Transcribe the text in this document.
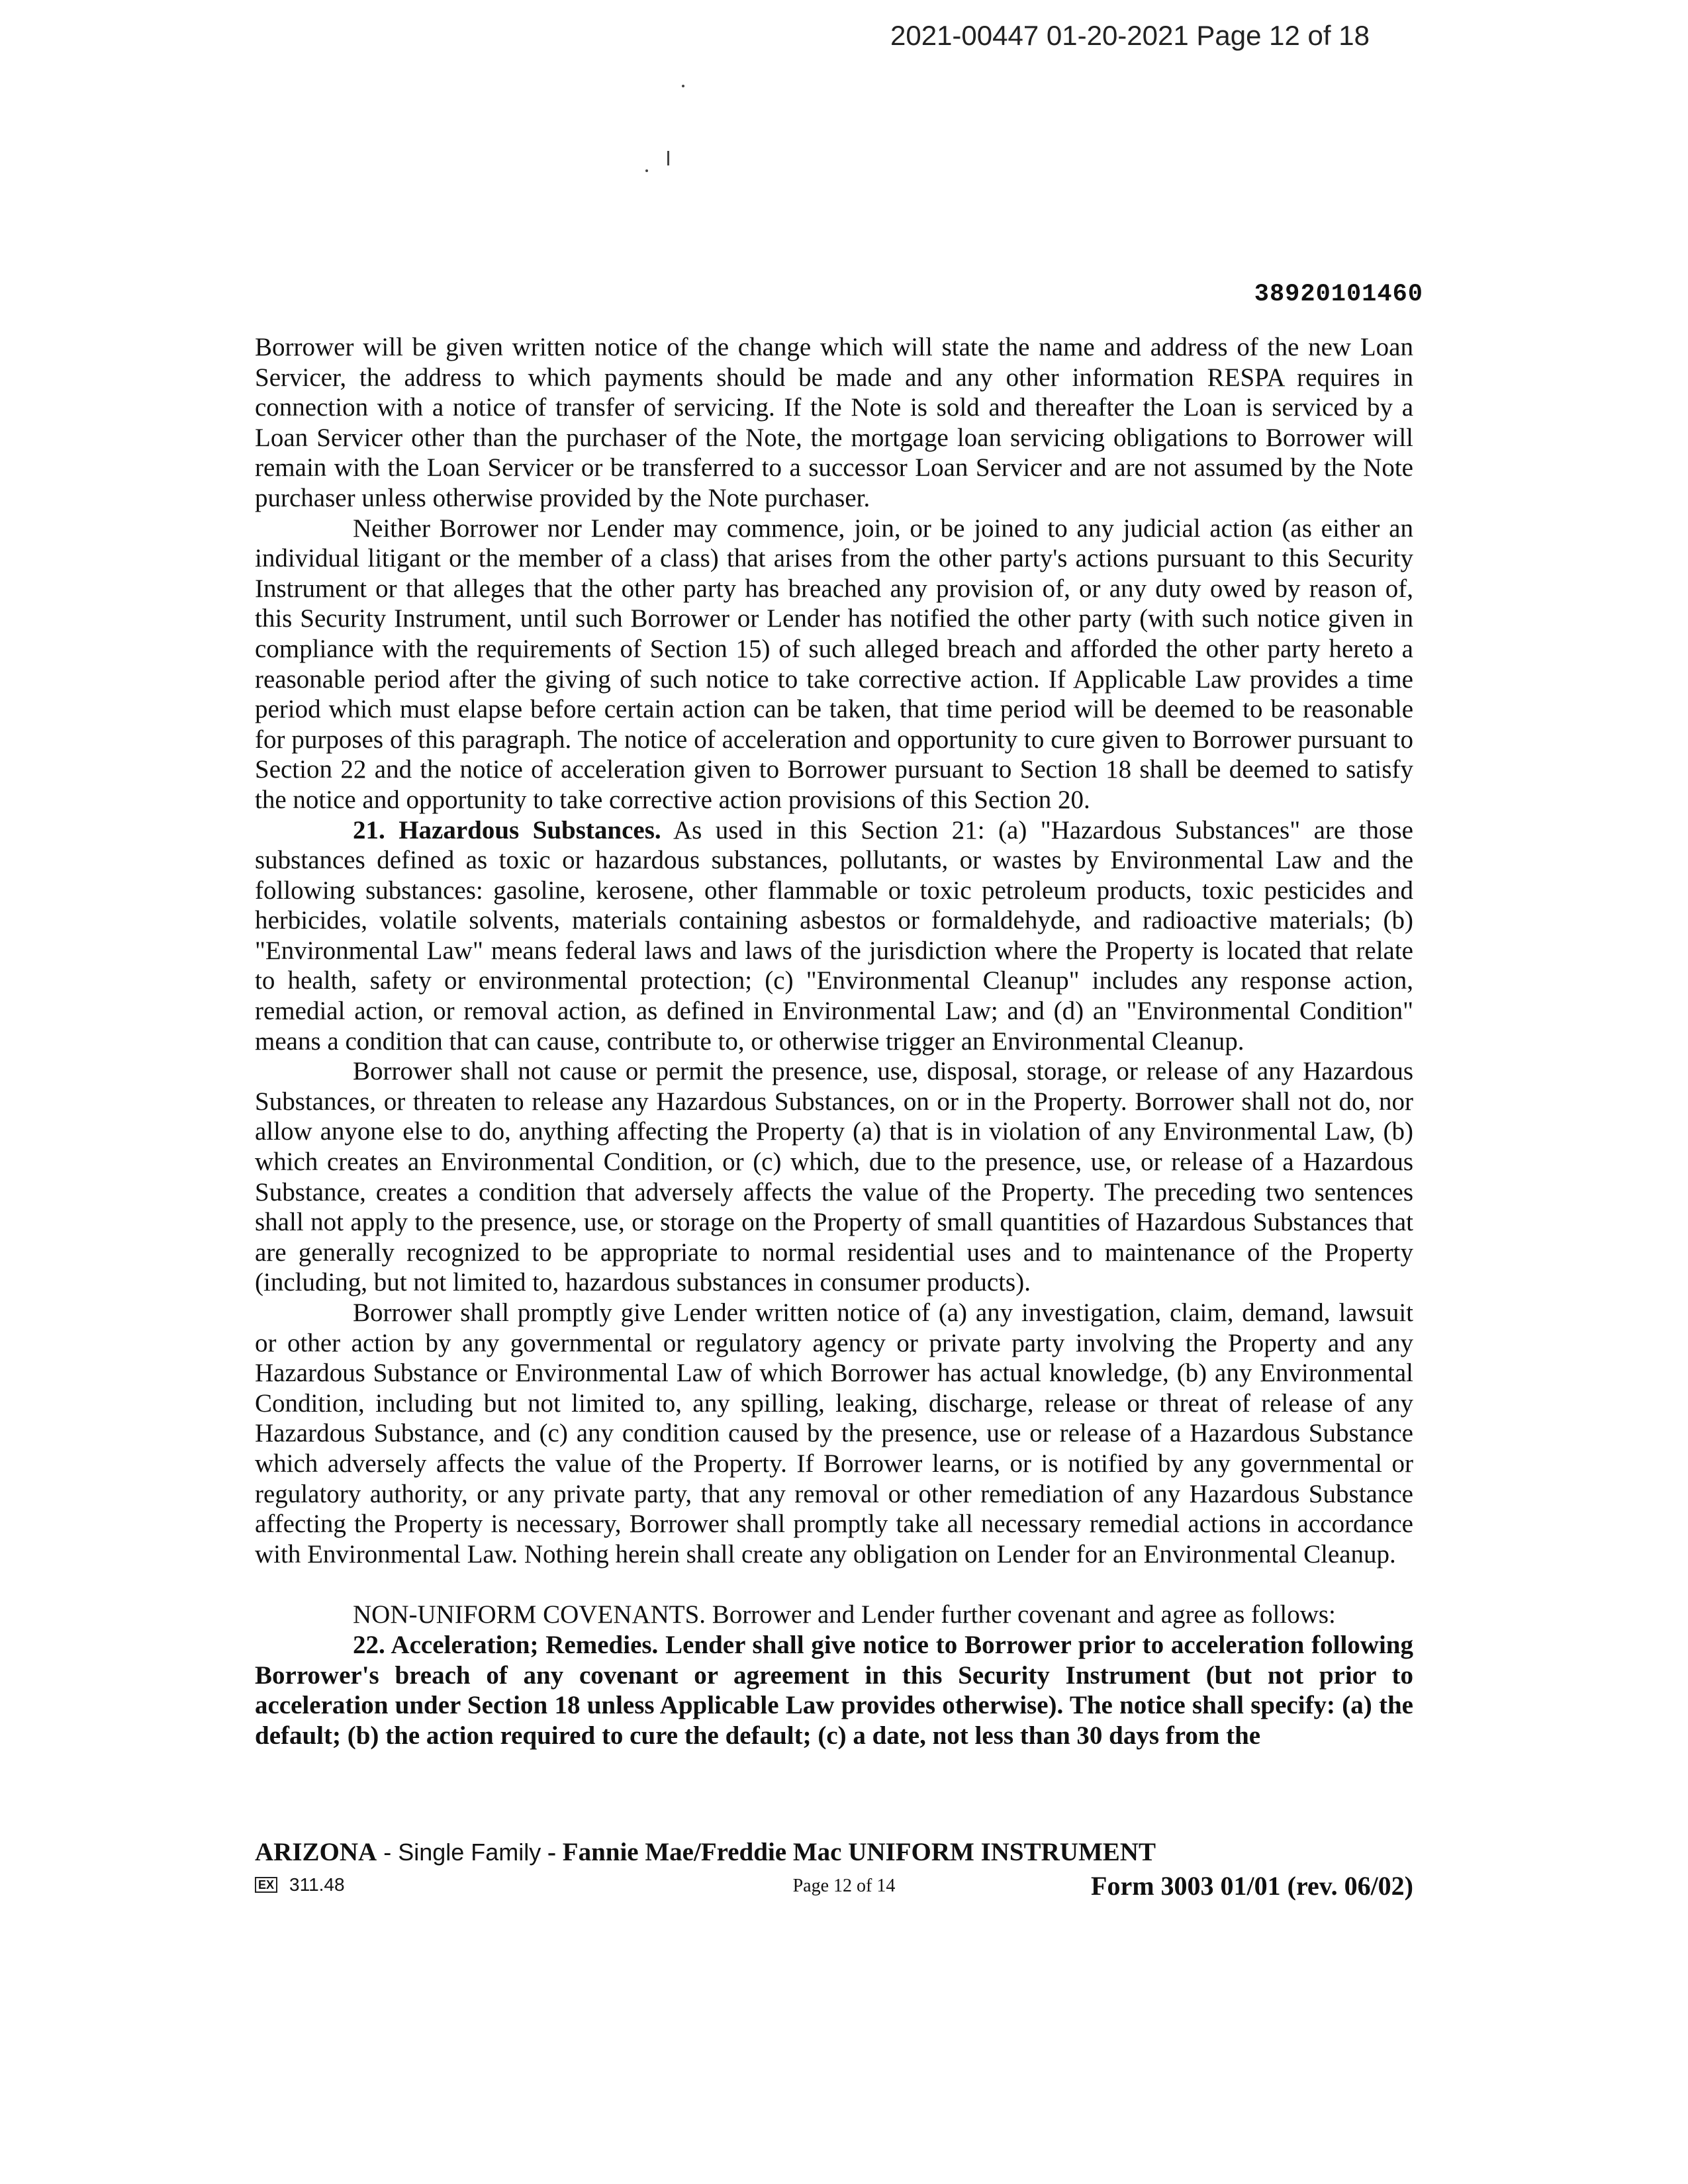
2021-00447 01-20-2021 Page 12 of 18
38920101460

Borrower will be given written notice of the change which will state the name and address of the new Loan Servicer, the address to which payments should be made and any other information RESPA requires in connection with a notice of transfer of servicing. If the Note is sold and thereafter the Loan is serviced by a Loan Servicer other than the purchaser of the Note, the mortgage loan servicing obligations to Borrower will remain with the Loan Servicer or be transferred to a successor Loan Servicer and are not assumed by the Note purchaser unless otherwise provided by the Note purchaser.

Neither Borrower nor Lender may commence, join, or be joined to any judicial action (as either an individual litigant or the member of a class) that arises from the other party's actions pursuant to this Security Instrument or that alleges that the other party has breached any provision of, or any duty owed by reason of, this Security Instrument, until such Borrower or Lender has notified the other party (with such notice given in compliance with the requirements of Section 15) of such alleged breach and afforded the other party hereto a reasonable period after the giving of such notice to take corrective action. If Applicable Law provides a time period which must elapse before certain action can be taken, that time period will be deemed to be reasonable for purposes of this paragraph. The notice of acceleration and opportunity to cure given to Borrower pursuant to Section 22 and the notice of acceleration given to Borrower pursuant to Section 18 shall be deemed to satisfy the notice and opportunity to take corrective action provisions of this Section 20.

21. Hazardous Substances. As used in this Section 21: (a) "Hazardous Substances" are those substances defined as toxic or hazardous substances, pollutants, or wastes by Environmental Law and the following substances: gasoline, kerosene, other flammable or toxic petroleum products, toxic pesticides and herbicides, volatile solvents, materials containing asbestos or formaldehyde, and radioactive materials; (b) "Environmental Law" means federal laws and laws of the jurisdiction where the Property is located that relate to health, safety or environmental protection; (c) "Environmental Cleanup" includes any response action, remedial action, or removal action, as defined in Environmental Law; and (d) an "Environmental Condition" means a condition that can cause, contribute to, or otherwise trigger an Environmental Cleanup.

Borrower shall not cause or permit the presence, use, disposal, storage, or release of any Hazardous Substances, or threaten to release any Hazardous Substances, on or in the Property. Borrower shall not do, nor allow anyone else to do, anything affecting the Property (a) that is in violation of any Environmental Law, (b) which creates an Environmental Condition, or (c) which, due to the presence, use, or release of a Hazardous Substance, creates a condition that adversely affects the value of the Property. The preceding two sentences shall not apply to the presence, use, or storage on the Property of small quantities of Hazardous Substances that are generally recognized to be appropriate to normal residential uses and to maintenance of the Property (including, but not limited to, hazardous substances in consumer products).

Borrower shall promptly give Lender written notice of (a) any investigation, claim, demand, lawsuit or other action by any governmental or regulatory agency or private party involving the Property and any Hazardous Substance or Environmental Law of which Borrower has actual knowledge, (b) any Environmental Condition, including but not limited to, any spilling, leaking, discharge, release or threat of release of any Hazardous Substance, and (c) any condition caused by the presence, use or release of a Hazardous Substance which adversely affects the value of the Property. If Borrower learns, or is notified by any governmental or regulatory authority, or any private party, that any removal or other remediation of any Hazardous Substance affecting the Property is necessary, Borrower shall promptly take all necessary remedial actions in accordance with Environmental Law. Nothing herein shall create any obligation on Lender for an Environmental Cleanup.

NON-UNIFORM COVENANTS. Borrower and Lender further covenant and agree as follows:

22. Acceleration; Remedies. Lender shall give notice to Borrower prior to acceleration following Borrower's breach of any covenant or agreement in this Security Instrument (but not prior to acceleration under Section 18 unless Applicable Law provides otherwise). The notice shall specify: (a) the default; (b) the action required to cure the default; (c) a date, not less than 30 days from the

ARIZONA - Single Family - Fannie Mae/Freddie Mac UNIFORM INSTRUMENT
EX 311.48	Page 12 of 14	Form 3003 01/01 (rev. 06/02)
